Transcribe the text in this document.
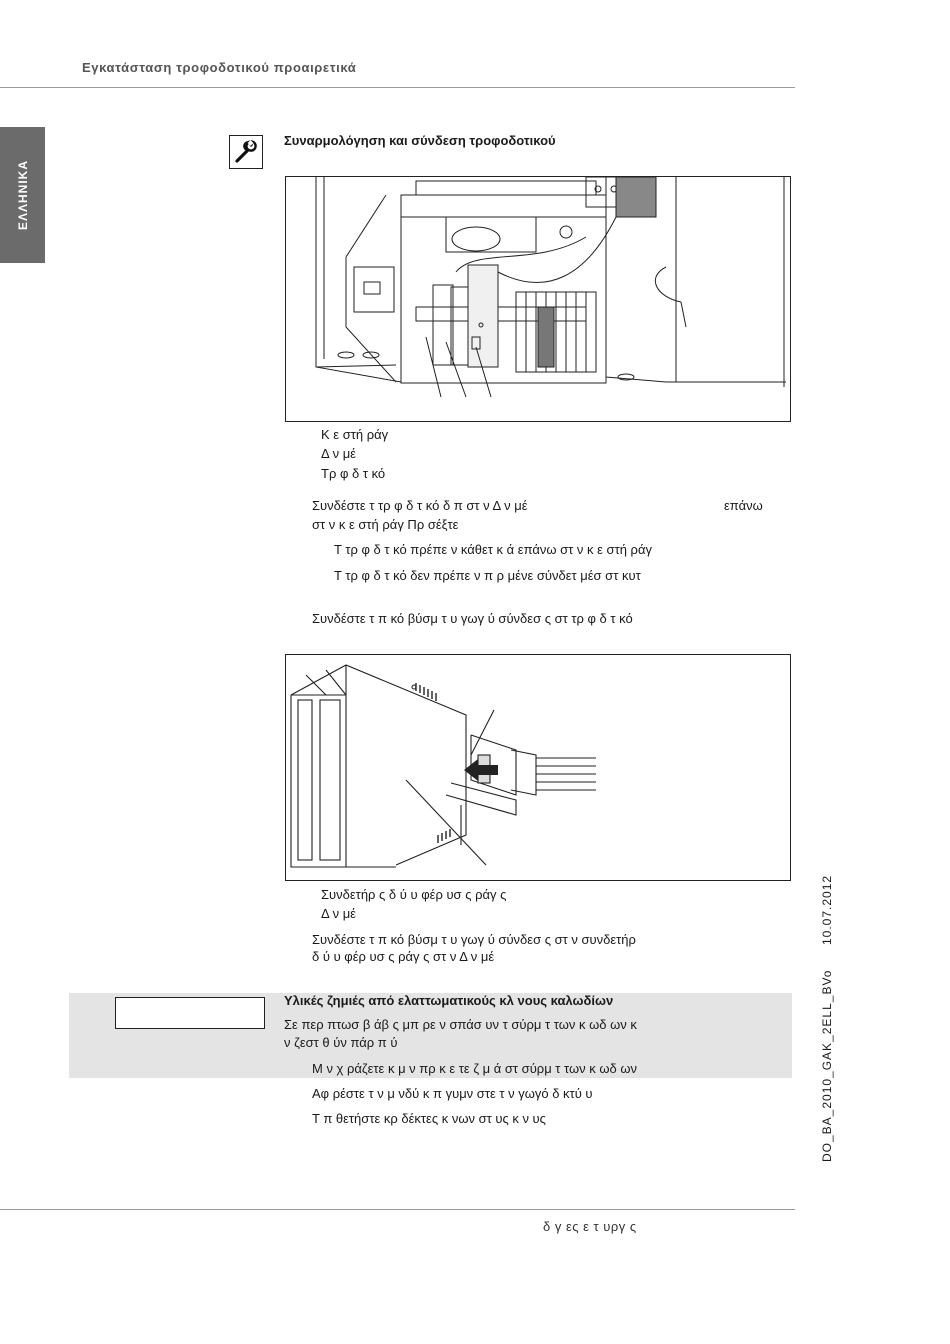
Εγκατάσταση τροφοδοτικού προαιρετικά
ΕΛΛΗΝΙΚΑ
Συναρμολόγηση και σύνδεση τροφοδοτικού
Κ ε στή ράγ
Δ ν μέ
Τρ φ δ τ κό
Συνδέστε τ τρ φ δ τ κό δ π στ ν Δ ν μέ	επάνω
στ ν κ ε στή ράγ Πρ σέξτε
Τ τρ φ δ τ κό πρέπε ν κάθετ κ ά επάνω στ ν κ ε στή ράγ
Τ τρ φ δ τ κό δεν πρέπε ν π ρ μένε σύνδετ μέσ στ κυτ
Συνδέστε τ π κό βύσμ τ υ γωγ ύ σύνδεσ ς στ τρ φ δ τ κό
Συνδετήρ ς δ ύ υ φέρ υσ ς ράγ ς
Δ ν μέ
Συνδέστε τ π κό βύσμ τ υ γωγ ύ σύνδεσ ς στ ν συνδετήρ
δ ύ υ φέρ υσ ς ράγ ς στ ν Δ ν μέ
Υλικές ζημιές από ελαττωματικούς κλ νους καλωδίων
Σε περ πτωσ β άβ ς μπ ρε ν σπάσ υν τ σύρμ τ των κ ωδ ων κ
ν ζεστ θ ύν πάρ π ύ
Μ ν χ ράζετε κ μ ν πρ κ ε τε ζ μ ά στ σύρμ τ των κ ωδ ων
Αφ ρέστε τ ν μ νδύ κ π γυμν στε τ ν γωγό δ κτύ υ
Τ π θετήστε κρ δέκτες κ νων στ υς κ ν υς
10.07.2012
DO_BA_2010_GAK_2ELL_BVo
δ γ ες ε τ υργ ς
